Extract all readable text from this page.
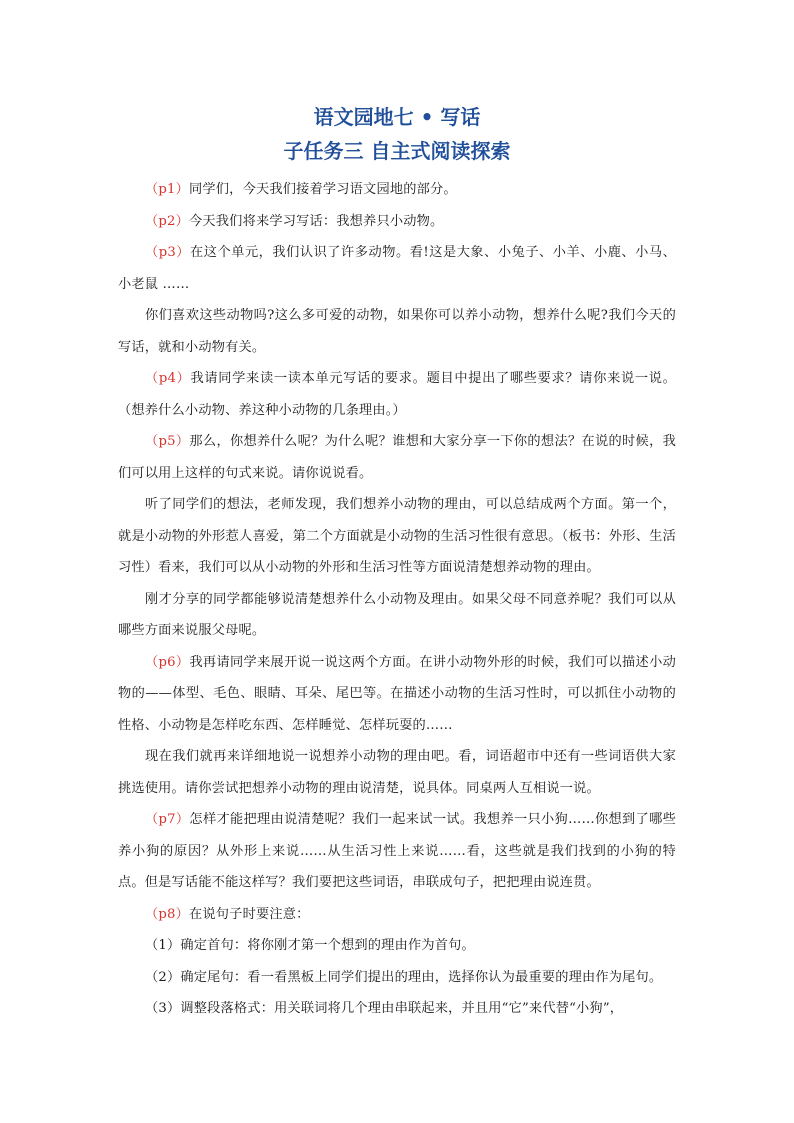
语文园地七 • 写话
子任务三 自主式阅读探索

（p1）同学们，今天我们接着学习语文园地的部分。

（p2）今天我们将来学习写话：我想养只小动物。

（p3）在这个单元，我们认识了许多动物。看!这是大象、小兔子、小羊、小鹿、小马、小老鼠 ……

你们喜欢这些动物吗?这么多可爱的动物，如果你可以养小动物，想养什么呢?我们今天的写话，就和小动物有关。

（p4）我请同学来读一读本单元写话的要求。题目中提出了哪些要求？请你来说一说。（想养什么小动物、养这种小动物的几条理由。）

（p5）那么，你想养什么呢？为什么呢？谁想和大家分享一下你的想法？在说的时候，我们可以用上这样的句式来说。请你说说看。

听了同学们的想法，老师发现，我们想养小动物的理由，可以总结成两个方面。第一个，就是小动物的外形惹人喜爱，第二个方面就是小动物的生活习性很有意思。（板书：外形、生活习性）看来，我们可以从小动物的外形和生活习性等方面说清楚想养动物的理由。

刚才分享的同学都能够说清楚想养什么小动物及理由。如果父母不同意养呢？我们可以从哪些方面来说服父母呢。

（p6）我再请同学来展开说一说这两个方面。在讲小动物外形的时候，我们可以描述小动物的——体型、毛色、眼睛、耳朵、尾巴等。在描述小动物的生活习性时，可以抓住小动物的性格、小动物是怎样吃东西、怎样睡觉、怎样玩耍的……

现在我们就再来详细地说一说想养小动物的理由吧。看，词语超市中还有一些词语供大家挑选使用。请你尝试把想养小动物的理由说清楚，说具体。同桌两人互相说一说。

（p7）怎样才能把理由说清楚呢？我们一起来试一试。我想养一只小狗……你想到了哪些养小狗的原因？从外形上来说……从生活习性上来说……看，这些就是我们找到的小狗的特点。但是写话能不能这样写？我们要把这些词语，串联成句子，把把理由说连贯。

（p8）在说句子时要注意：

（1）确定首句：将你刚才第一个想到的理由作为首句。

（2）确定尾句：看一看黑板上同学们提出的理由，选择你认为最重要的理由作为尾句。

（3）调整段落格式：用关联词将几个理由串联起来，并且用“它”来代替“小狗”，
